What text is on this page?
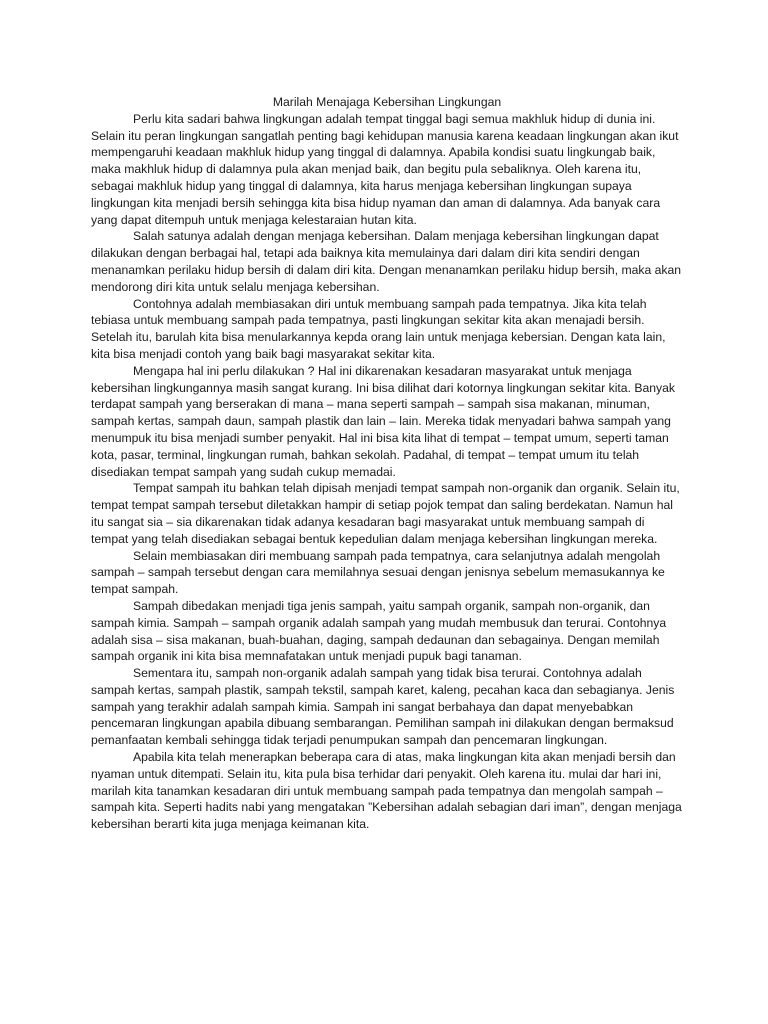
Marilah Menajaga Kebersihan Lingkungan

Perlu kita sadari bahwa lingkungan adalah tempat tinggal bagi semua makhluk hidup di dunia ini. Selain itu peran lingkungan sangatlah penting bagi kehidupan manusia karena keadaan lingkungan akan ikut mempengaruhi keadaan makhluk hidup yang tinggal di dalamnya. Apabila kondisi suatu lingkungab baik, maka makhluk hidup di dalamnya pula akan menjad baik, dan begitu pula sebaliknya. Oleh karena itu, sebagai makhluk hidup yang tinggal di dalamnya, kita harus menjaga kebersihan lingkungan supaya lingkungan kita menjadi bersih sehingga kita bisa hidup nyaman dan aman di dalamnya. Ada banyak cara yang dapat ditempuh untuk menjaga kelestaraian hutan kita.

Salah satunya adalah dengan menjaga kebersihan. Dalam menjaga kebersihan lingkungan dapat dilakukan dengan berbagai hal, tetapi ada baiknya kita memulainya dari dalam diri kita sendiri dengan menanamkan perilaku hidup bersih di dalam diri kita. Dengan menanamkan perilaku hidup bersih, maka akan mendorong diri kita untuk selalu menjaga kebersihan.

Contohnya adalah membiasakan diri untuk membuang sampah pada tempatnya. Jika kita telah tebiasa untuk membuang sampah pada tempatnya, pasti lingkungan sekitar kita akan menajadi bersih. Setelah itu, barulah kita bisa menularkannya kepda orang lain untuk menjaga kebersian. Dengan kata lain, kita bisa menjadi contoh yang baik bagi masyarakat sekitar kita.

Mengapa hal ini perlu dilakukan ? Hal ini dikarenakan kesadaran masyarakat untuk menjaga kebersihan lingkungannya masih sangat kurang. Ini bisa dilihat dari kotornya lingkungan sekitar kita. Banyak terdapat sampah yang berserakan di mana – mana seperti sampah – sampah sisa makanan, minuman, sampah kertas, sampah daun, sampah plastik dan lain – lain. Mereka tidak menyadari bahwa sampah yang menumpuk itu bisa menjadi sumber penyakit. Hal ini bisa kita lihat di tempat – tempat umum, seperti taman kota, pasar, terminal, lingkungan rumah, bahkan sekolah. Padahal, di tempat – tempat umum itu telah disediakan tempat sampah yang sudah cukup memadai.

Tempat sampah itu bahkan telah dipisah menjadi tempat sampah non-organik dan organik. Selain itu, tempat tempat sampah tersebut diletakkan hampir di setiap pojok tempat dan saling berdekatan. Namun hal itu sangat sia – sia dikarenakan tidak adanya kesadaran bagi masyarakat untuk membuang sampah di tempat yang telah disediakan sebagai bentuk kepedulian dalam menjaga kebersihan lingkungan mereka.

Selain membiasakan diri membuang sampah pada tempatnya, cara selanjutnya adalah mengolah sampah – sampah tersebut dengan cara memilahnya sesuai dengan jenisnya sebelum memasukannya ke tempat sampah.

Sampah dibedakan menjadi tiga jenis sampah, yaitu sampah organik, sampah non-organik, dan sampah kimia. Sampah – sampah organik adalah sampah yang mudah membusuk dan terurai. Contohnya adalah sisa – sisa makanan, buah-buahan, daging, sampah dedaunan dan sebagainya. Dengan memilah sampah organik ini kita bisa memnafatakan untuk menjadi pupuk bagi tanaman.

Sementara itu, sampah non-organik adalah sampah yang tidak bisa terurai. Contohnya adalah sampah kertas, sampah plastik, sampah tekstil, sampah karet, kaleng, pecahan kaca dan sebagianya. Jenis sampah yang terakhir adalah sampah kimia. Sampah ini sangat berbahaya dan dapat menyebabkan pencemaran lingkungan apabila dibuang sembarangan. Pemilihan sampah ini dilakukan dengan bermaksud pemanfaatan kembali sehingga tidak terjadi penumpukan sampah dan pencemaran lingkungan.

Apabila kita telah menerapkan beberapa cara di atas, maka lingkungan kita akan menjadi bersih dan nyaman untuk ditempati. Selain itu, kita pula bisa terhidar dari penyakit. Oleh karena itu. mulai dar hari ini, marilah kita tanamkan kesadaran diri untuk membuang sampah pada tempatnya dan mengolah sampah – sampah kita. Seperti hadits nabi yang mengatakan ”Kebersihan adalah sebagian dari iman”, dengan menjaga kebersihan berarti kita juga menjaga keimanan kita.
